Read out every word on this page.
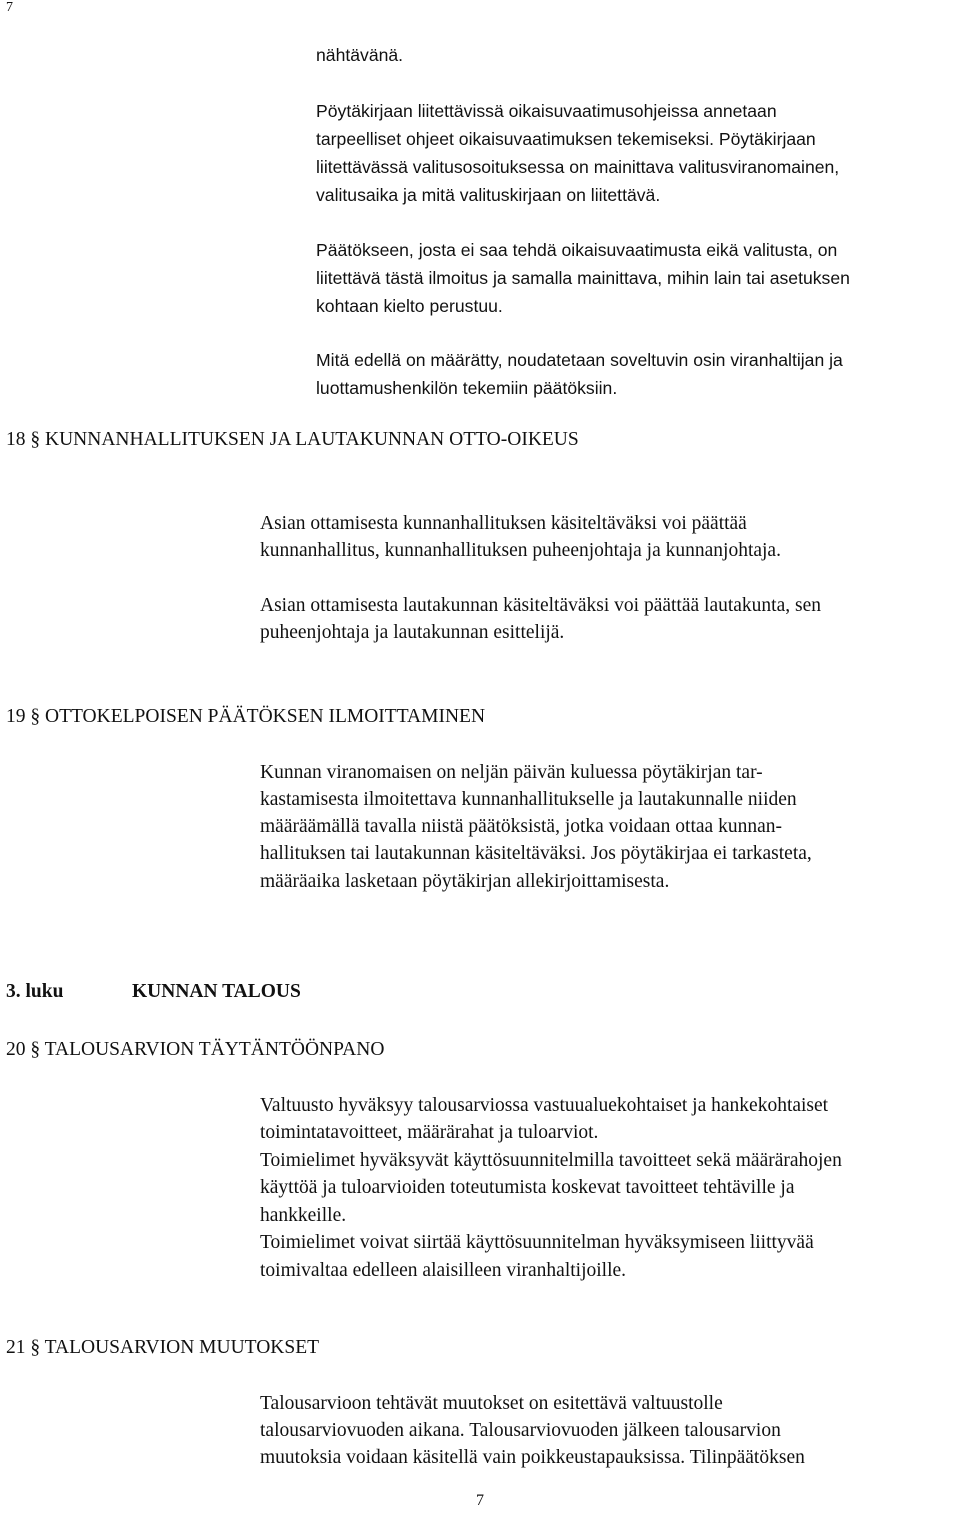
7
nähtävänä.
Pöytäkirjaan liitettävissä oikaisuvaatimusohjeissa annetaan
tarpeelliset ohjeet oikaisuvaatimuksen tekemiseksi. Pöytäkirjaan
liitettävässä valitusosoituksessa on mainittava valitusviranomainen,
valitusaika ja mitä valituskirjaan on liitettävä.
Päätökseen, josta ei saa tehdä oikaisuvaatimusta eikä valitusta, on
liitettävä tästä ilmoitus ja samalla mainittava, mihin lain tai asetuksen
kohtaan kielto perustuu.
Mitä edellä on määrätty, noudatetaan soveltuvin osin viranhaltijan ja
luottamushenkilön tekemiin päätöksiin.
18 § KUNNANHALLITUKSEN JA LAUTAKUNNAN OTTO-OIKEUS
Asian ottamisesta kunnanhallituksen käsiteltäväksi voi päättää
kunnanhallitus, kunnanhallituksen puheenjohtaja ja kunnanjohtaja.
Asian ottamisesta lautakunnan käsiteltäväksi voi päättää lautakunta, sen
puheenjohtaja ja lautakunnan esittelijä.
19 § OTTOKELPOISEN PÄÄTÖKSEN ILMOITTAMINEN
Kunnan viranomaisen on neljän päivän kuluessa pöytäkirjan tar-
kastamisesta ilmoitettava kunnanhallitukselle ja lautakunnalle niiden
määräämällä tavalla niistä päätöksistä, jotka voidaan ottaa kunnan-
hallituksen tai lautakunnan käsiteltäväksi. Jos pöytäkirjaa ei tarkasteta,
määräaika lasketaan pöytäkirjan allekirjoittamisesta.
3. luku	KUNNAN TALOUS
20 § TALOUSARVION TÄYTÄNTÖÖNPANO
Valtuusto hyväksyy talousarviossa vastuualuekohtaiset ja hankekohtaiset
toimintatavoitteet, määrärahat ja tuloarviot.
Toimielimet hyväksyvät käyttösuunnitelmilla tavoitteet sekä määrärahojen
käyttöä ja tuloarvioiden toteutumista koskevat tavoitteet tehtäville ja
hankkeille.
Toimielimet voivat siirtää käyttösuunnitelman hyväksymiseen liittyvää
toimivaltaa edelleen alaisilleen viranhaltijoille.
21 § TALOUSARVION MUUTOKSET
Talousarvioon tehtävät muutokset on esitettävä valtuustolle
talousarviovuoden aikana. Talousarviovuoden jälkeen talousarvion
muutoksia voidaan käsitellä vain poikkeustapauksissa. Tilinpäätöksen
7
